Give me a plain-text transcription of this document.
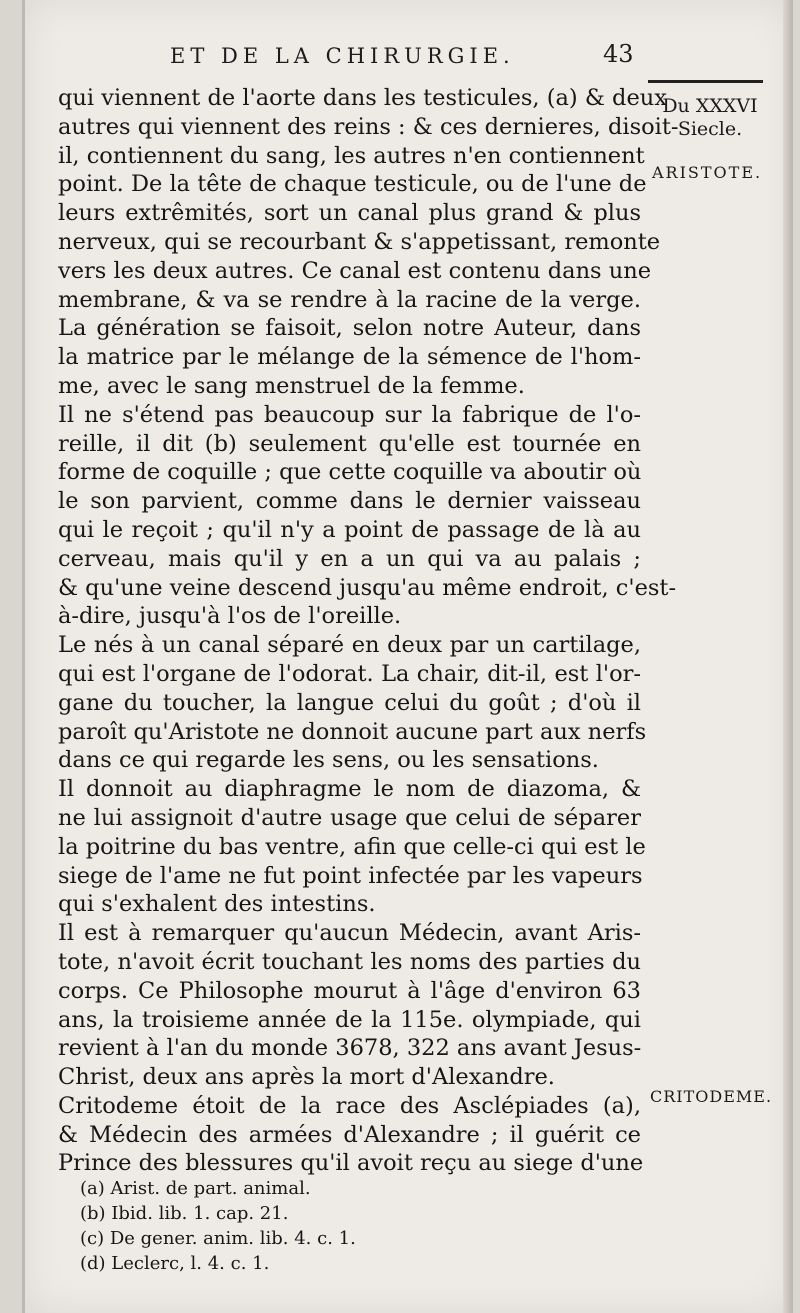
ET DE LA CHIRURGIE.	43
Du XXXVI
Siecle.
ARISTOTE.
CRITODEME.
qui viennent de l'aorte dans les testicules, (a) & deux
autres qui viennent des reins : & ces dernieres, disoit-
il, contiennent du sang, les autres n'en contiennent
point. De la tête de chaque testicule, ou de l'une de
leurs extrêmités, sort un canal plus grand & plus
nerveux, qui se recourbant & s'appetissant, remonte
vers les deux autres. Ce canal est contenu dans une
membrane, & va se rendre à la racine de la verge.
La génération se faisoit, selon notre Auteur, dans
la matrice par le mélange de la sémence de l'hom-
me, avec le sang menstruel de la femme.
Il ne s'étend pas beaucoup sur la fabrique de l'o-
reille, il dit (b) seulement qu'elle est tournée en
forme de coquille ; que cette coquille va aboutir où
le son parvient, comme dans le dernier vaisseau
qui le reçoit ; qu'il n'y a point de passage de là au
cerveau, mais qu'il y en a un qui va au palais ;
& qu'une veine descend jusqu'au même endroit, c'est-
à-dire, jusqu'à l'os de l'oreille.
Le nés à un canal séparé en deux par un cartilage,
qui est l'organe de l'odorat. La chair, dit-il, est l'or-
gane du toucher, la langue celui du goût ; d'où il
paroît qu'Aristote ne donnoit aucune part aux nerfs
dans ce qui regarde les sens, ou les sensations.
Il donnoit au diaphragme le nom de diazoma, &
ne lui assignoit d'autre usage que celui de séparer
la poitrine du bas ventre, afin que celle-ci qui est le
siege de l'ame ne fut point infectée par les vapeurs
qui s'exhalent des intestins.
Il est à remarquer qu'aucun Médecin, avant Aris-
tote, n'avoit écrit touchant les noms des parties du
corps. Ce Philosophe mourut à l'âge d'environ 63
ans, la troisieme année de la 115e. olympiade, qui
revient à l'an du monde 3678, 322 ans avant Jesus-
Christ, deux ans après la mort d'Alexandre.
Critodeme étoit de la race des Asclépiades (a),
& Médecin des armées d'Alexandre ; il guérit ce
Prince des blessures qu'il avoit reçu au siege d'une
(a) Arist. de part. animal.
(b) Ibid. lib. 1. cap. 21.
(c) De gener. anim. lib. 4. c. 1.
(d) Leclerc, l. 4. c. 1.
